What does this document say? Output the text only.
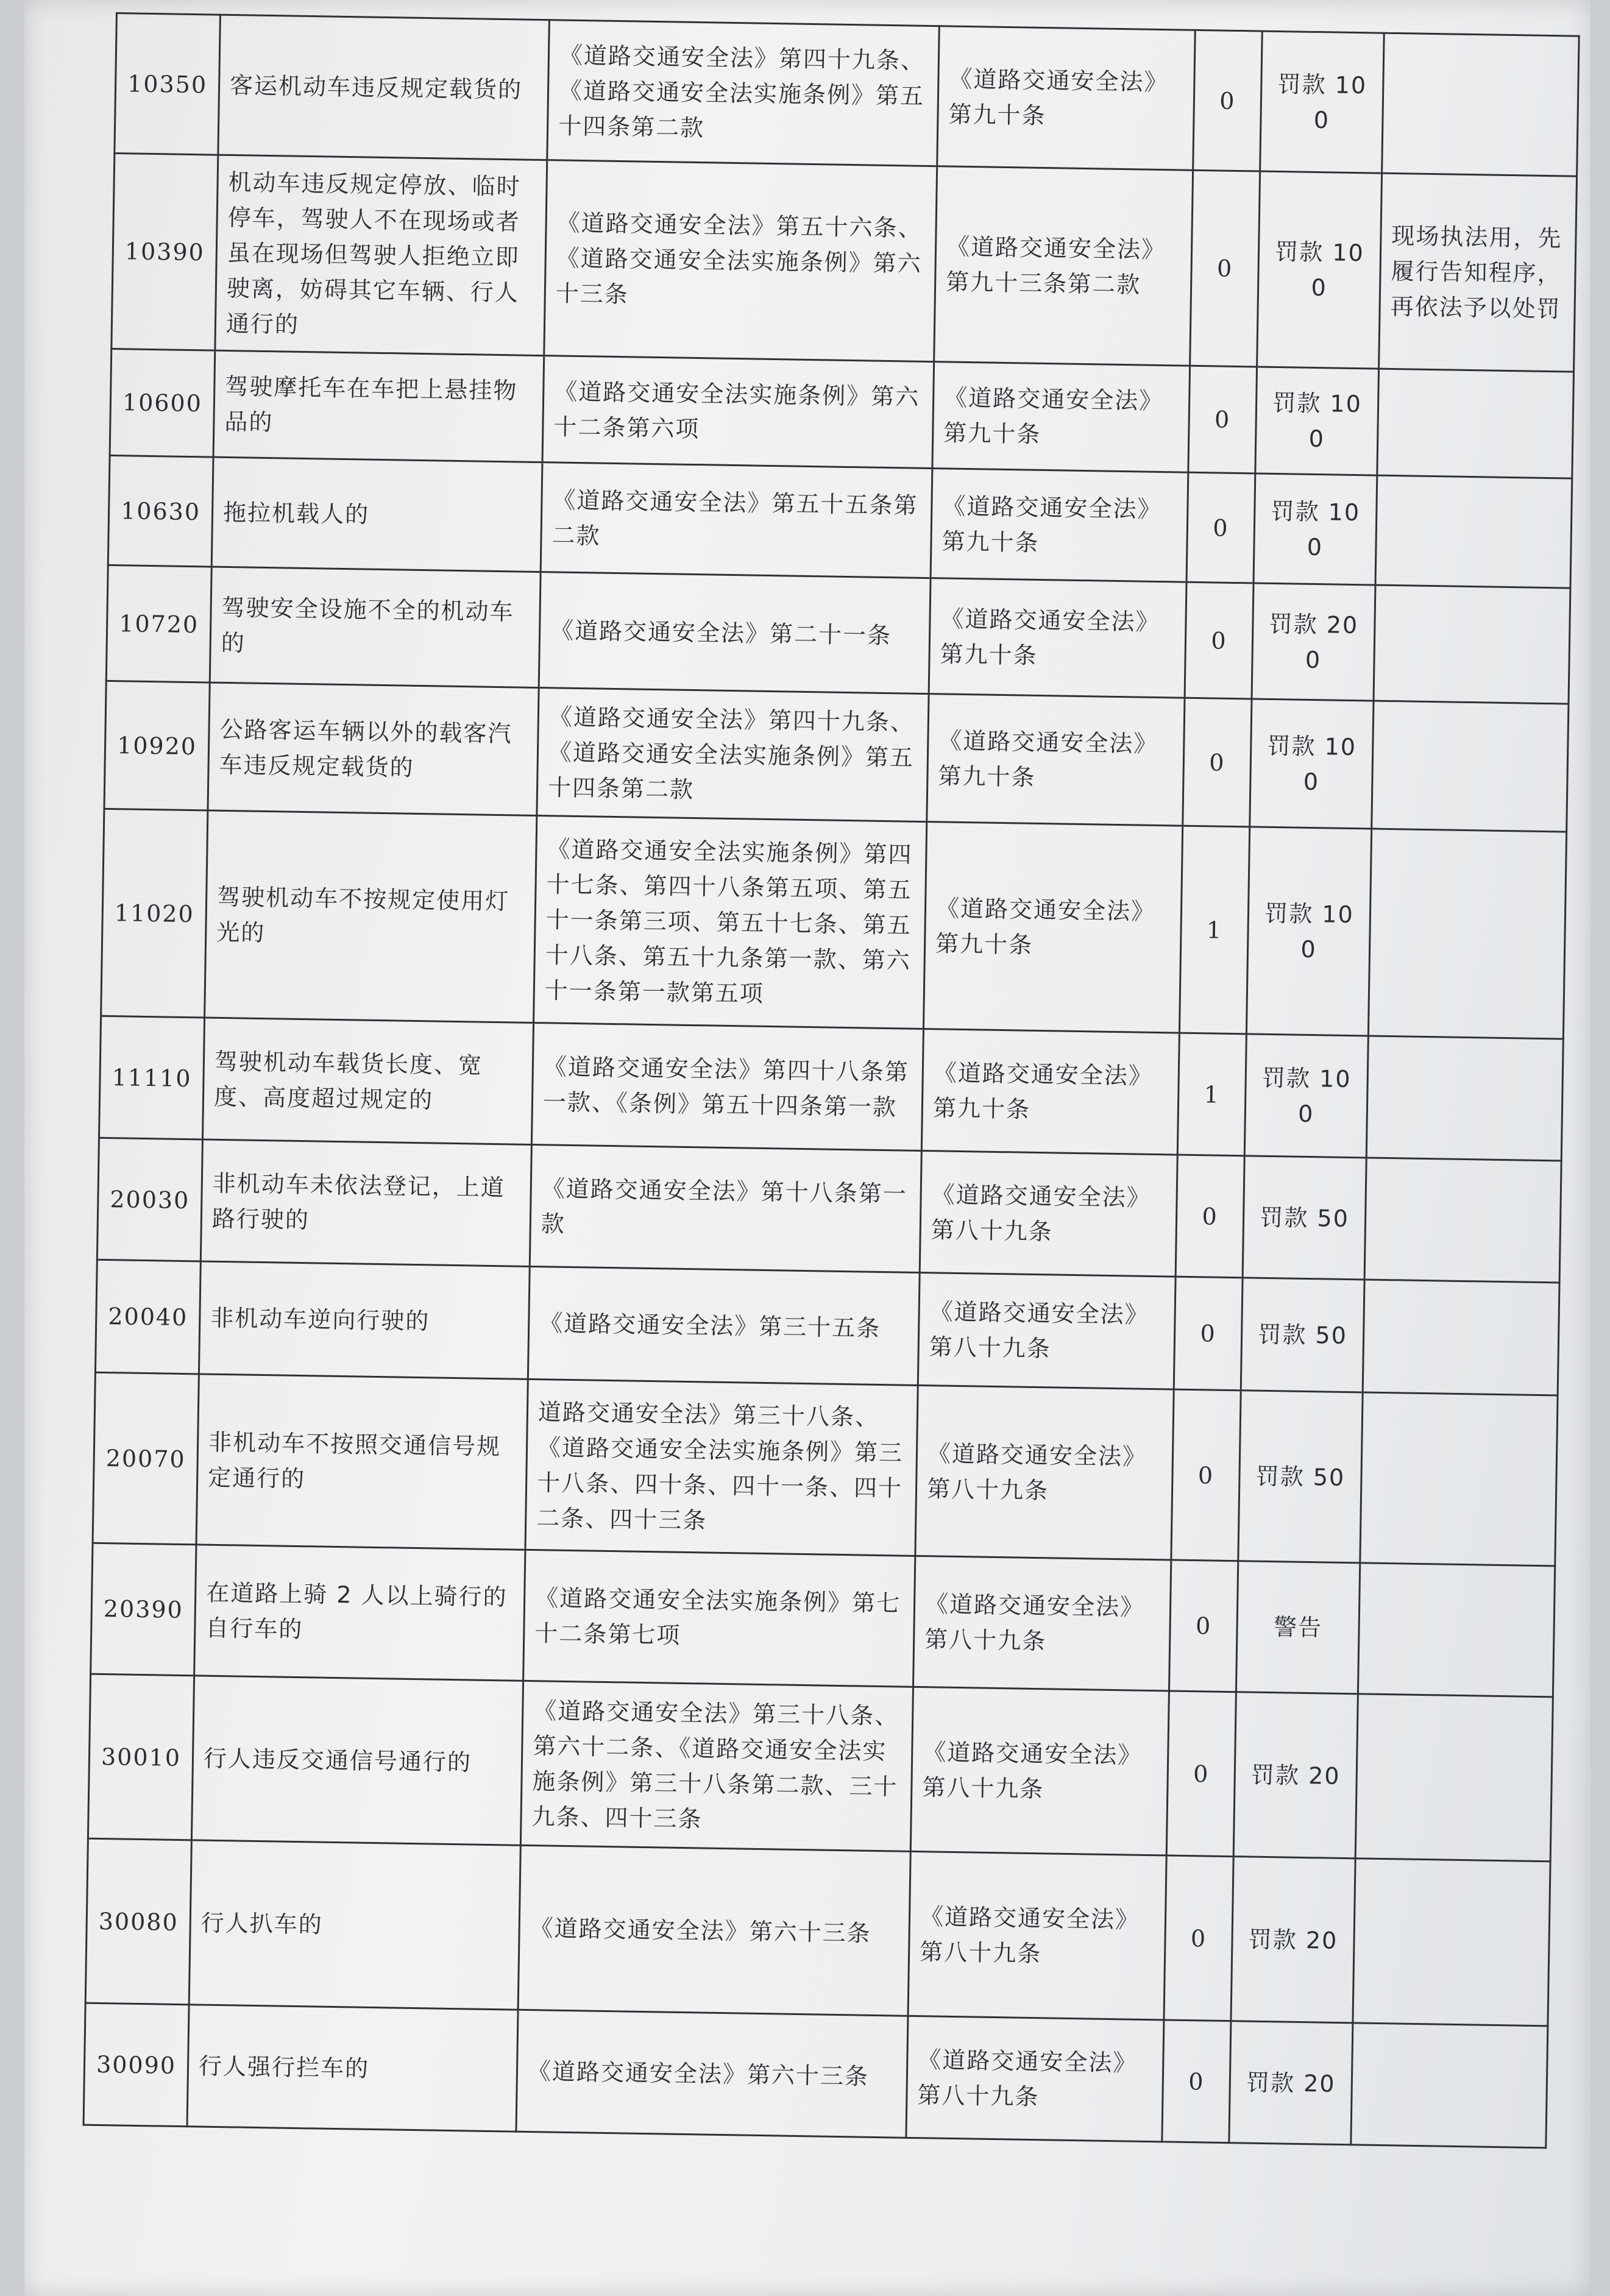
10350	客运机动车违反规定载货的	《道路交通安全法》第四十九条、《道路交通安全法实施条例》第五十四条第二款	《道路交通安全法》第九十条	0	罚款 100	
10390	机动车违反规定停放、临时停车，驾驶人不在现场或者虽在现场但驾驶人拒绝立即驶离，妨碍其它车辆、行人通行的	《道路交通安全法》第五十六条、《道路交通安全法实施条例》第六十三条	《道路交通安全法》第九十三条第二款	0	罚款 100	现场执法用，先履行告知程序，再依法予以处罚
10600	驾驶摩托车在车把上悬挂物品的	《道路交通安全法实施条例》第六十二条第六项	《道路交通安全法》第九十条	0	罚款 100	
10630	拖拉机载人的	《道路交通安全法》第五十五条第二款	《道路交通安全法》第九十条	0	罚款 100	
10720	驾驶安全设施不全的机动车的	《道路交通安全法》第二十一条	《道路交通安全法》第九十条	0	罚款 200	
10920	公路客运车辆以外的载客汽车违反规定载货的	《道路交通安全法》第四十九条、《道路交通安全法实施条例》第五十四条第二款	《道路交通安全法》第九十条	0	罚款 100	
11020	驾驶机动车不按规定使用灯光的	《道路交通安全法实施条例》第四十七条、第四十八条第五项、第五十一条第三项、第五十七条、第五十八条、第五十九条第一款、第六十一条第一款第五项	《道路交通安全法》第九十条	1	罚款 100	
11110	驾驶机动车载货长度、宽度、高度超过规定的	《道路交通安全法》第四十八条第一款、《条例》第五十四条第一款	《道路交通安全法》第九十条	1	罚款 100	
20030	非机动车未依法登记，上道路行驶的	《道路交通安全法》第十八条第一款	《道路交通安全法》第八十九条	0	罚款 50	
20040	非机动车逆向行驶的	《道路交通安全法》第三十五条	《道路交通安全法》第八十九条	0	罚款 50	
20070	非机动车不按照交通信号规定通行的	道路交通安全法》第三十八条、《道路交通安全法实施条例》第三十八条、四十条、四十一条、四十二条、四十三条	《道路交通安全法》第八十九条	0	罚款 50	
20390	在道路上骑 2 人以上骑行的自行车的	《道路交通安全法实施条例》第七十二条第七项	《道路交通安全法》第八十九条	0	警告	
30010	行人违反交通信号通行的	《道路交通安全法》第三十八条、第六十二条、《道路交通安全法实施条例》第三十八条第二款、三十九条、四十三条	《道路交通安全法》第八十九条	0	罚款 20	
30080	行人扒车的	《道路交通安全法》第六十三条	《道路交通安全法》第八十九条	0	罚款 20	
30090	行人强行拦车的	《道路交通安全法》第六十三条	《道路交通安全法》第八十九条	0	罚款 20	
